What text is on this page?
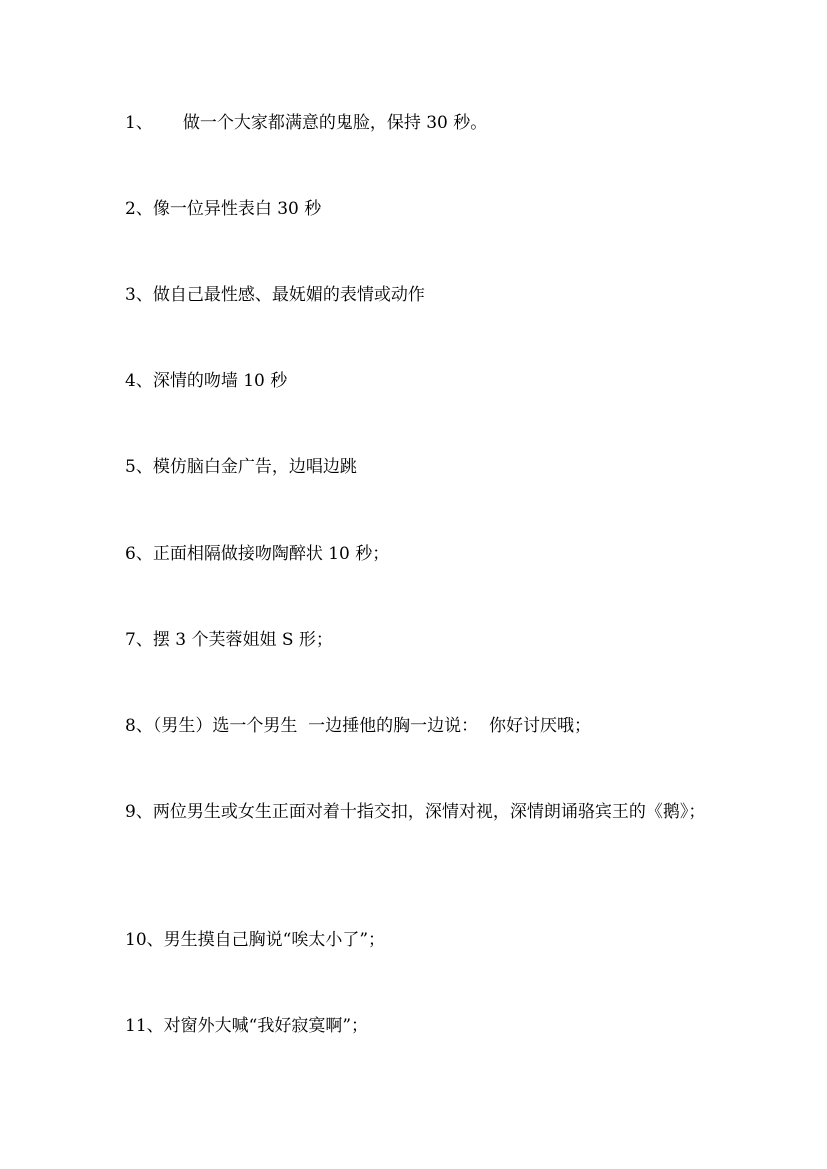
1、 做一个大家都满意的鬼脸，保持 30 秒。
2、像一位异性表白 30 秒
3、做自己最性感、最妩媚的表情或动作
4、深情的吻墙 10 秒
5、模仿脑白金广告，边唱边跳
6、正面相隔做接吻陶醉状 10 秒；
7、摆 3 个芙蓉姐姐 S 形；
8、（男生）选一个男生  一边捶他的胸一边说：  你好讨厌哦；
9、两位男生或女生正面对着十指交扣，深情对视，深情朗诵骆宾王的《鹅》；
10、男生摸自己胸说“唉太小了”；
11、对窗外大喊“我好寂寞啊”；
